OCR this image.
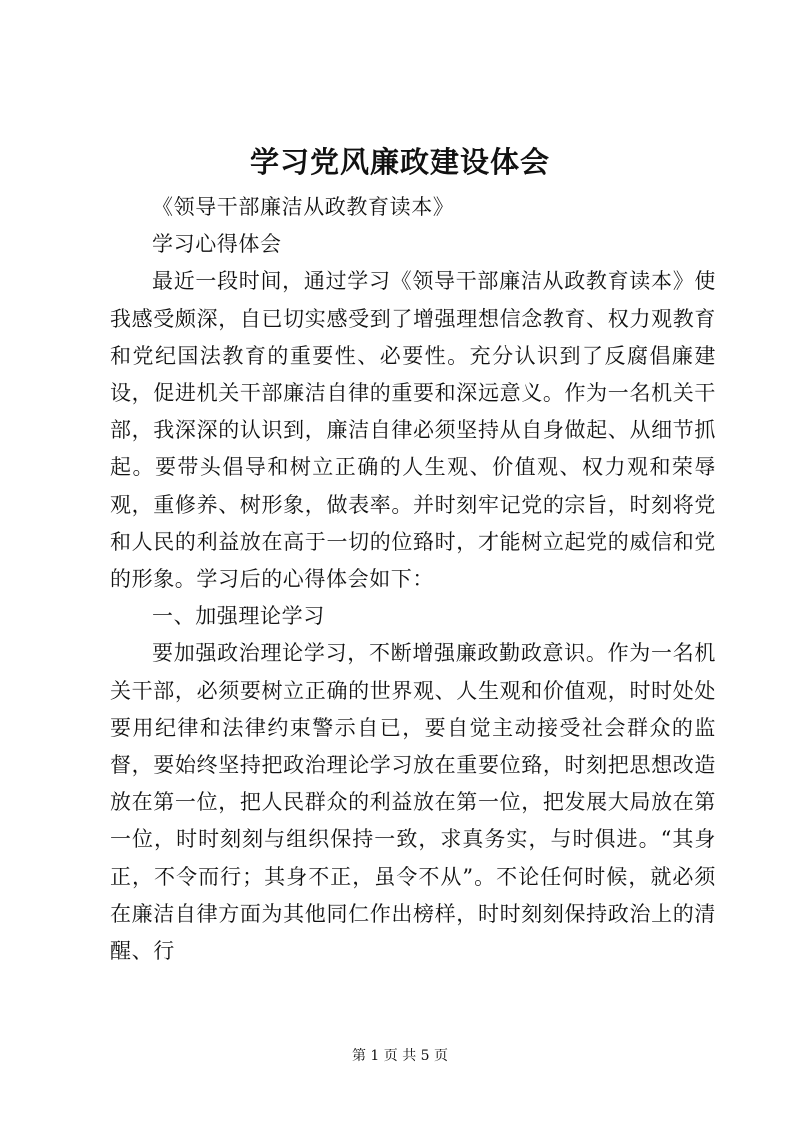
学习党风廉政建设体会

《领导干部廉洁从政教育读本》

学习心得体会

最近一段时间，通过学习《领导干部廉洁从政教育读本》使我感受颇深，自已切实感受到了增强理想信念教育、权力观教育和党纪国法教育的重要性、必要性。充分认识到了反腐倡廉建设，促进机关干部廉洁自律的重要和深远意义。作为一名机关干部，我深深的认识到，廉洁自律必须坚持从自身做起、从细节抓起。要带头倡导和树立正确的人生观、价值观、权力观和荣辱观，重修养、树形象，做表率。并时刻牢记党的宗旨，时刻将党和人民的利益放在高于一切的位臵时，才能树立起党的威信和党的形象。学习后的心得体会如下：

一、加强理论学习

要加强政治理论学习，不断增强廉政勤政意识。作为一名机关干部，必须要树立正确的世界观、人生观和价值观，时时处处要用纪律和法律约束警示自已，要自觉主动接受社会群众的监督，要始终坚持把政治理论学习放在重要位臵，时刻把思想改造放在第一位，把人民群众的利益放在第一位，把发展大局放在第一位，时时刻刻与组织保持一致，求真务实，与时俱进。“其身正，不令而行；其身不正，虽令不从”。不论任何时候，就必须在廉洁自律方面为其他同仁作出榜样，时时刻刻保持政治上的清醒、行

第 1 页 共 5 页
